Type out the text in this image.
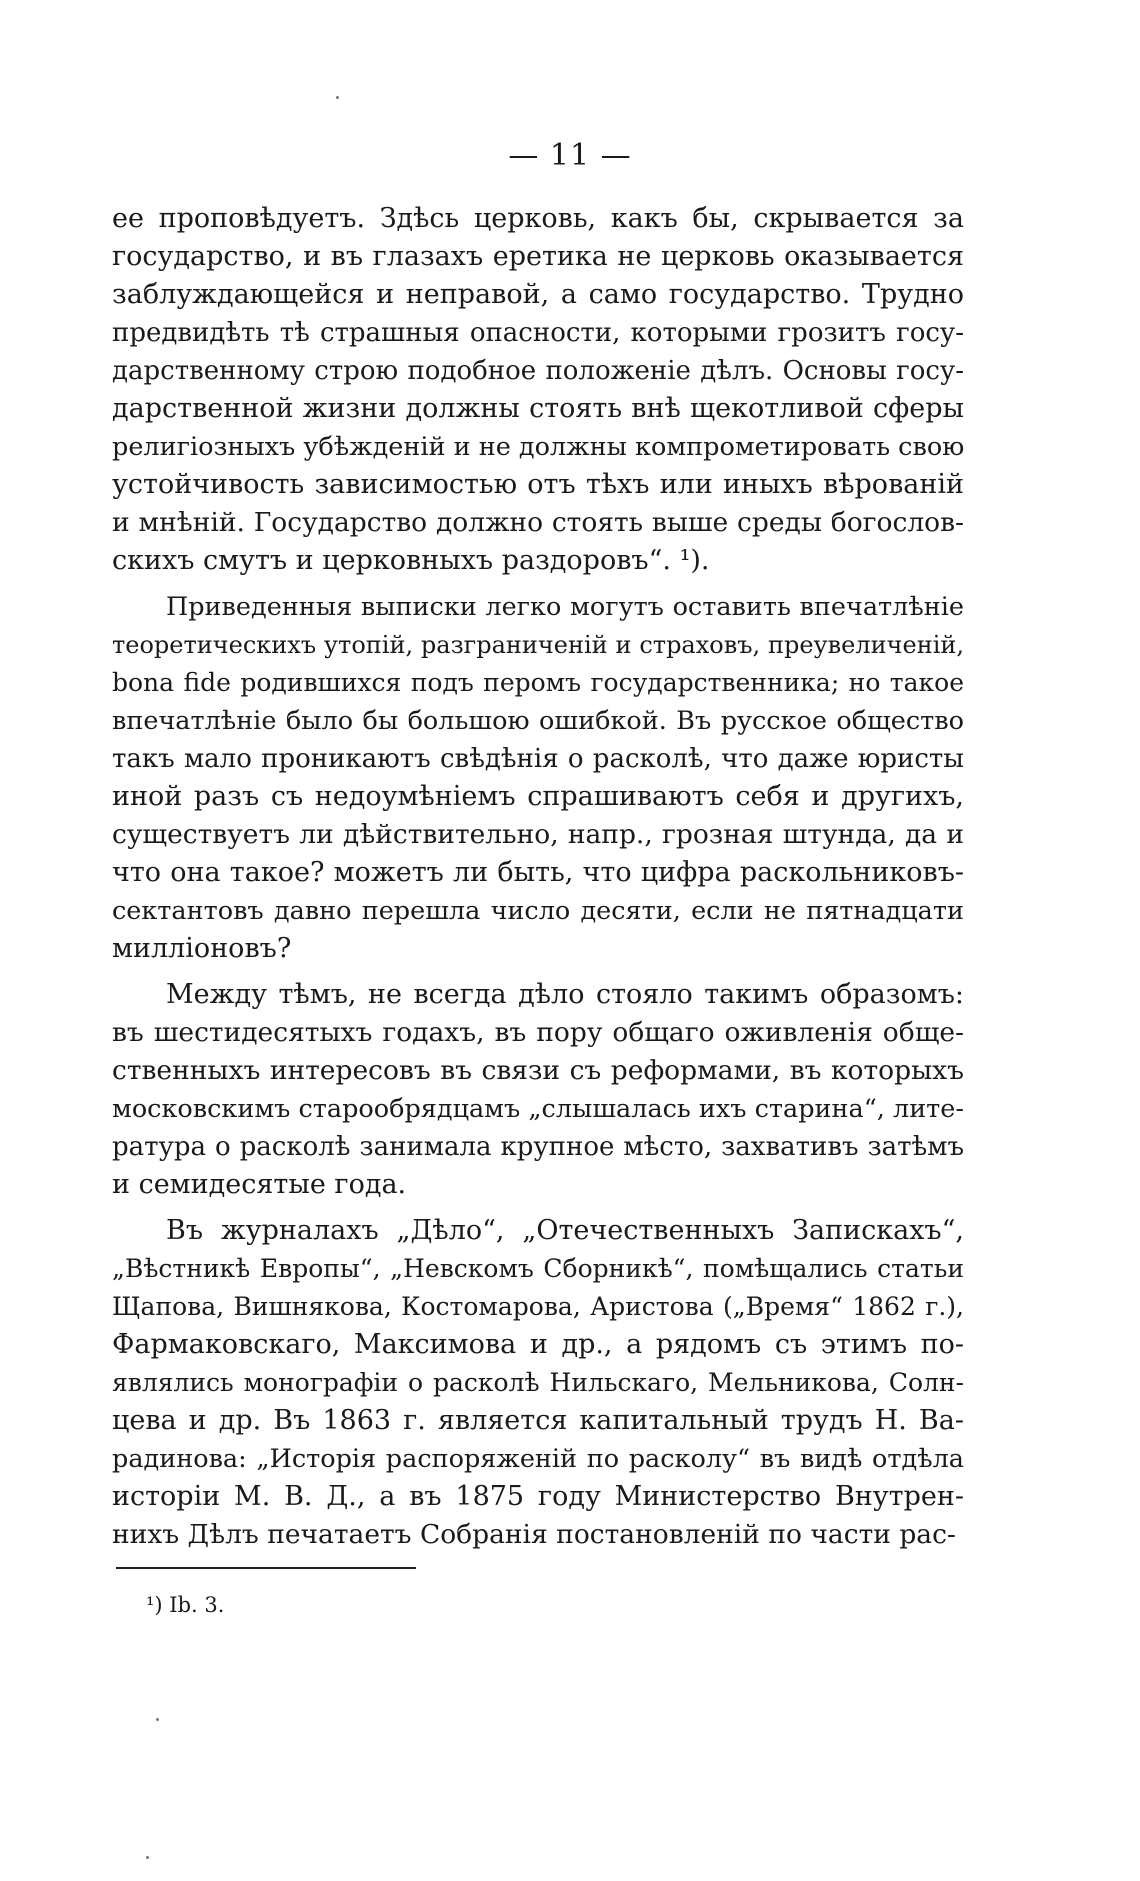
— 11 —
ее проповѣдуетъ. Здѣсь церковь, какъ бы, скрывается за
государство, и въ глазахъ еретика не церковь оказывается
заблуждающейся и неправой, а само государство. Трудно
предвидѣть тѣ страшныя опасности, которыми грозитъ госу-
дарственному строю подобное положеніе дѣлъ. Основы госу-
дарственной жизни должны стоять внѣ щекотливой сферы
религіозныхъ убѣжденій и не должны компрометировать свою
устойчивость зависимостью отъ тѣхъ или иныхъ вѣрованій
и мнѣній. Государство должно стоять выше среды богослов-
скихъ смутъ и церковныхъ раздоровъ“. ¹).
Приведенныя выписки легко могутъ оставить впечатлѣніе
теоретическихъ утопій, разграниченій и страховъ, преувеличеній,
bona fide родившихся подъ перомъ государственника; но такое
впечатлѣніе было бы большою ошибкой. Въ русское общество
такъ мало проникаютъ свѣдѣнія о расколѣ, что даже юристы
иной разъ съ недоумѣніемъ спрашиваютъ себя и другихъ,
существуетъ ли дѣйствительно, напр., грозная штунда, да и
что она такое? можетъ ли быть, что цифра раскольниковъ-
сектантовъ давно перешла число десяти, если не пятнадцати
милліоновъ?
Между тѣмъ, не всегда дѣло стояло такимъ образомъ:
въ шестидесятыхъ годахъ, въ пору общаго оживленія обще-
ственныхъ интересовъ въ связи съ реформами, въ которыхъ
московскимъ старообрядцамъ „слышалась ихъ старина“, лите-
ратура о расколѣ занимала крупное мѣсто, захвативъ затѣмъ
и семидесятые года.
Въ журналахъ „Дѣло“, „Отечественныхъ Запискахъ“,
„Вѣстникѣ Европы“, „Невскомъ Сборникѣ“, помѣщались статьи
Щапова, Вишнякова, Костомарова, Аристова („Время“ 1862 г.),
Фармаковскаго, Максимова и др., а рядомъ съ этимъ по-
являлись монографіи о расколѣ Нильскаго, Мельникова, Солн-
цева и др. Въ 1863 г. является капитальный трудъ Н. Ва-
радинова: „Исторія распоряженій по расколу“ въ видѣ отдѣла
исторіи М. В. Д., а въ 1875 году Министерство Внутрен-
нихъ Дѣлъ печатаетъ Собранія постановленій по части рас-
¹) Ib. 3.
